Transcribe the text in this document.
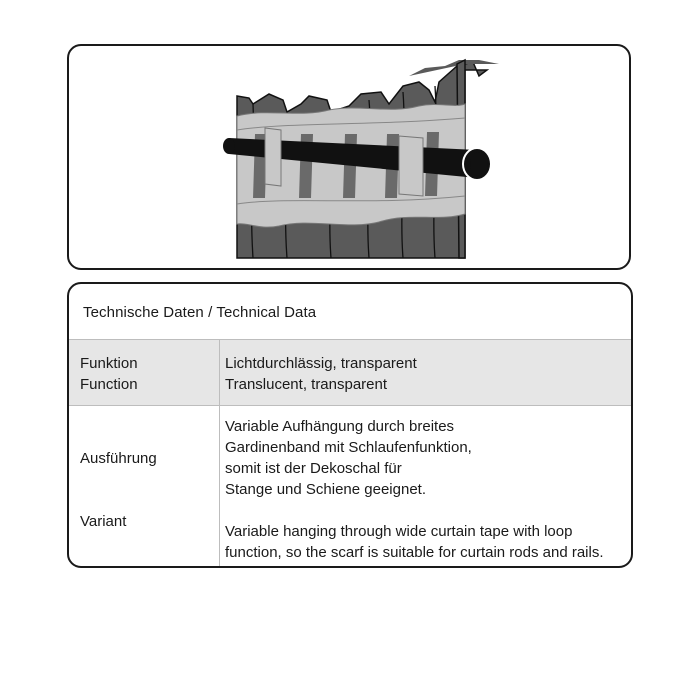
Technische Daten / Technical Data
Funktion
Function
Lichtdurchlässig, transparent
Translucent, transparent
Ausführung
Variant
Variable Aufhängung durch breites
Gardinenband mit Schlaufenfunktion,
somit ist der Dekoschal für
Stange und Schiene geeignet.
Variable hanging through wide curtain tape with loop
function, so the scarf is suitable for curtain rods and rails.
